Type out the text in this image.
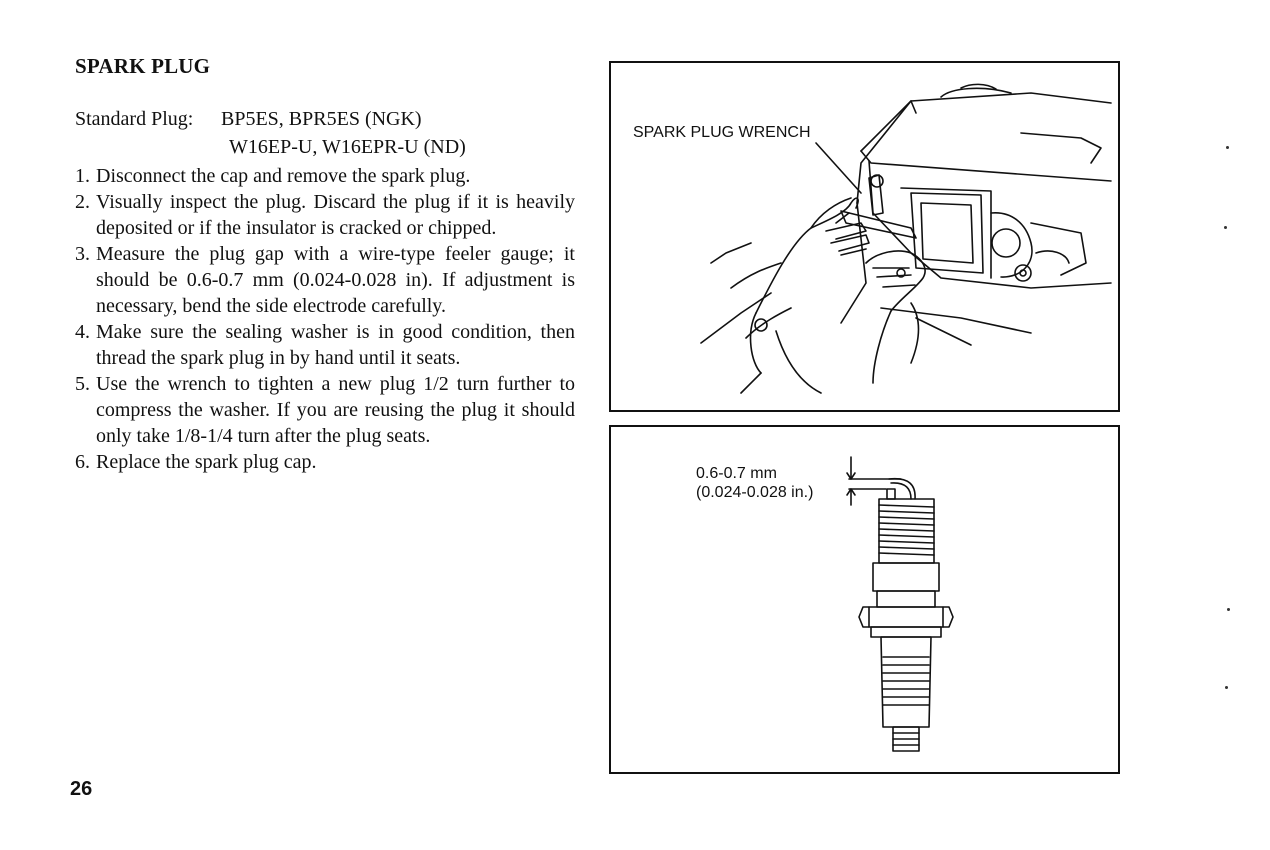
SPARK PLUG
Standard Plug: BP5ES, BPR5ES (NGK)
W16EP-U, W16EPR-U (ND)
1. Disconnect the cap and remove the spark plug.
2. Visually inspect the plug. Discard the plug if it is heavily deposited or if the insulator is cracked or chipped.
3. Measure the plug gap with a wire-type feeler gauge; it should be 0.6-0.7 mm (0.024-0.028 in). If adjustment is necessary, bend the side electrode carefully.
4. Make sure the sealing washer is in good condition, then thread the spark plug in by hand until it seats.
5. Use the wrench to tighten a new plug 1/2 turn further to compress the washer. If you are reusing the plug it should only take 1/8-1/4 turn after the plug seats.
6. Replace the spark plug cap.
26
SPARK PLUG WRENCH
0.6-0.7 mm
(0.024-0.028 in.)
